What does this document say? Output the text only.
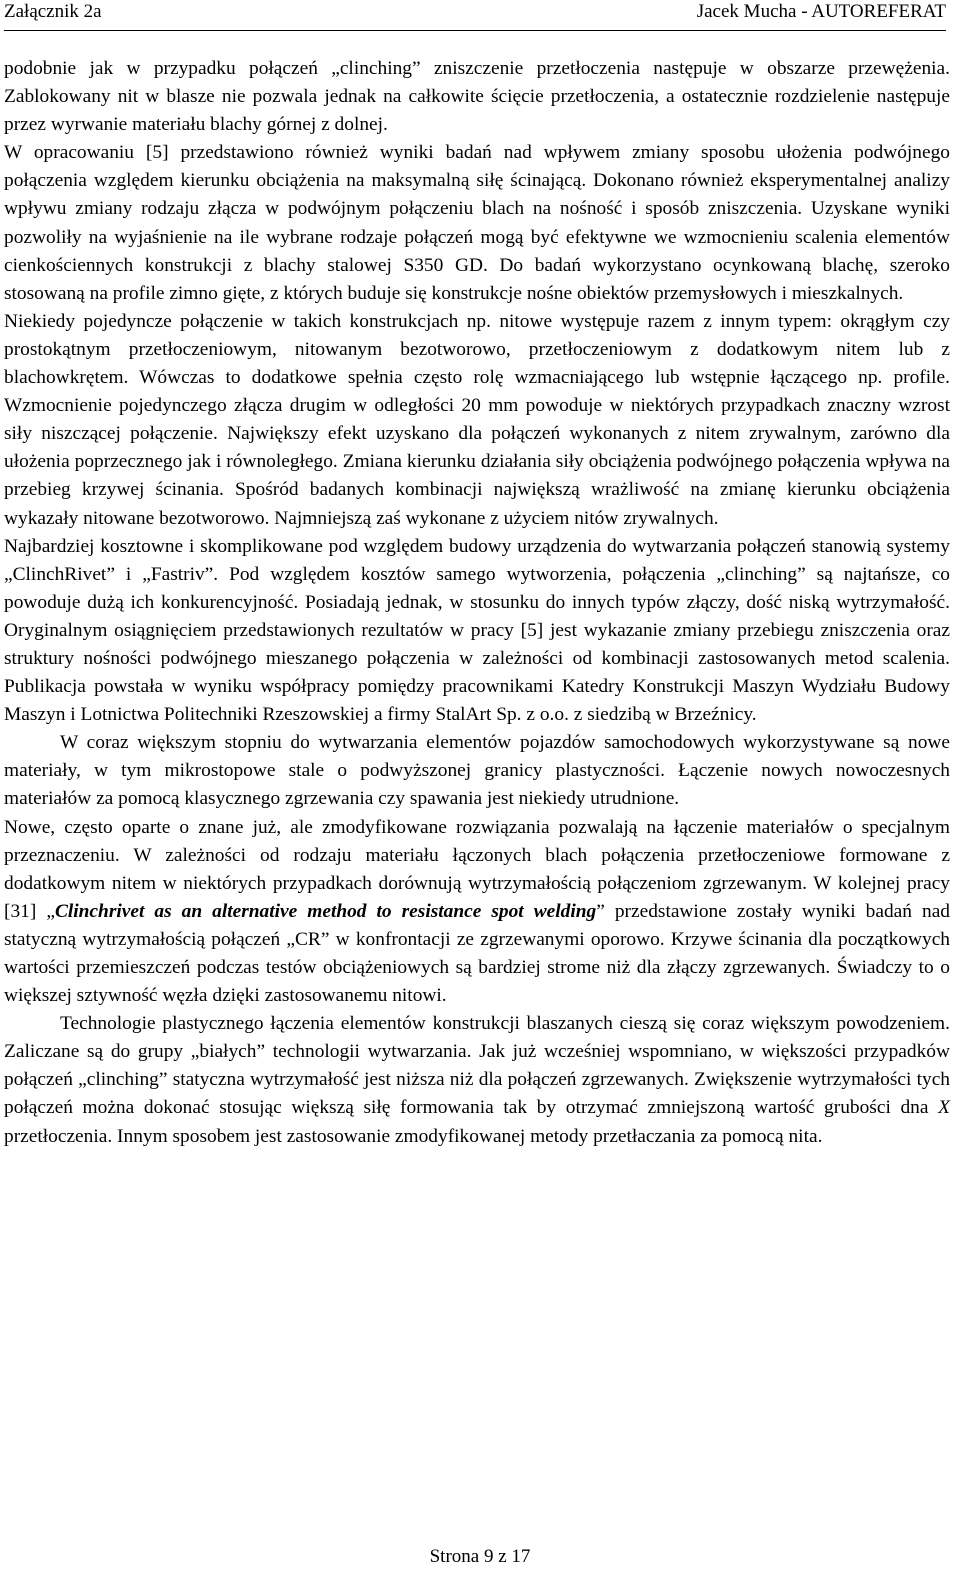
Załącznik 2a	Jacek Mucha - AUTOREFERAT

podobnie jak w przypadku połączeń „clinching” zniszczenie przetłoczenia następuje w obszarze przewężenia. Zablokowany nit w blasze nie pozwala jednak na całkowite ścięcie przetłoczenia, a ostatecznie rozdzielenie następuje przez wyrwanie materiału blachy górnej z dolnej.

W opracowaniu [5] przedstawiono również wyniki badań nad wpływem zmiany sposobu ułożenia podwójnego połączenia względem kierunku obciążenia na maksymalną siłę ścinającą. Dokonano również eksperymentalnej analizy wpływu zmiany rodzaju złącza w podwójnym połączeniu blach na nośność i sposób zniszczenia. Uzyskane wyniki pozwoliły na wyjaśnienie na ile wybrane rodzaje połączeń mogą być efektywne we wzmocnieniu scalenia elementów cienkościennych konstrukcji z blachy stalowej S350 GD. Do badań wykorzystano ocynkowaną blachę, szeroko stosowaną na profile zimno gięte, z których buduje się konstrukcje nośne obiektów przemysłowych i mieszkalnych.

Niekiedy pojedyncze połączenie w takich konstrukcjach np. nitowe występuje razem z innym typem: okrągłym czy prostokątnym przetłoczeniowym, nitowanym bezotworowo, przetłoczeniowym z dodatkowym nitem lub z blachowkrętem. Wówczas to dodatkowe spełnia często rolę wzmacniającego lub wstępnie łączącego np. profile. Wzmocnienie pojedynczego złącza drugim w odległości 20 mm powoduje w niektórych przypadkach znaczny wzrost siły niszczącej połączenie. Największy efekt uzyskano dla połączeń wykonanych z nitem zrywalnym, zarówno dla ułożenia poprzecznego jak i równoległego. Zmiana kierunku działania siły obciążenia podwójnego połączenia wpływa na przebieg krzywej ścinania. Spośród badanych kombinacji największą wrażliwość na zmianę kierunku obciążenia wykazały nitowane bezotworowo. Najmniejszą zaś wykonane z użyciem nitów zrywalnych.

Najbardziej kosztowne i skomplikowane pod względem budowy urządzenia do wytwarzania połączeń stanowią systemy „ClinchRivet” i „Fastriv”. Pod względem kosztów samego wytworzenia, połączenia „clinching” są najtańsze, co powoduje dużą ich konkurencyjność. Posiadają jednak, w stosunku do innych typów złączy, dość niską wytrzymałość. Oryginalnym osiągnięciem przedstawionych rezultatów w pracy [5] jest wykazanie zmiany przebiegu zniszczenia oraz struktury nośności podwójnego mieszanego połączenia w zależności od kombinacji zastosowanych metod scalenia. Publikacja powstała w wyniku współpracy pomiędzy pracownikami Katedry Konstrukcji Maszyn Wydziału Budowy Maszyn i Lotnictwa Politechniki Rzeszowskiej a firmy StalArt Sp. z o.o. z siedzibą w Brzeźnicy.

W coraz większym stopniu do wytwarzania elementów pojazdów samochodowych wykorzystywane są nowe materiały, w tym mikrostopowe stale o podwyższonej granicy plastyczności. Łączenie nowych nowoczesnych materiałów za pomocą klasycznego zgrzewania czy spawania jest niekiedy utrudnione.

Nowe, często oparte o znane już, ale zmodyfikowane rozwiązania pozwalają na łączenie materiałów o specjalnym przeznaczeniu. W zależności od rodzaju materiału łączonych blach połączenia przetłoczeniowe formowane z dodatkowym nitem w niektórych przypadkach dorównują wytrzymałością połączeniom zgrzewanym. W kolejnej pracy [31] „Clinchrivet as an alternative method to resistance spot welding” przedstawione zostały wyniki badań nad statyczną wytrzymałością połączeń „CR” w konfrontacji ze zgrzewanymi oporowo. Krzywe ścinania dla początkowych wartości przemieszczeń podczas testów obciążeniowych są bardziej strome niż dla złączy zgrzewanych. Świadczy to o większej sztywność węzła dzięki zastosowanemu nitowi.

Technologie plastycznego łączenia elementów konstrukcji blaszanych cieszą się coraz większym powodzeniem. Zaliczane są do grupy „białych” technologii wytwarzania. Jak już wcześniej wspomniano, w większości przypadków połączeń „clinching” statyczna wytrzymałość jest niższa niż dla połączeń zgrzewanych. Zwiększenie wytrzymałości tych połączeń można dokonać stosując większą siłę formowania tak by otrzymać zmniejszoną wartość grubości dna X przetłoczenia. Innym sposobem jest zastosowanie zmodyfikowanej metody przetłaczania za pomocą nita.

Strona 9 z 17
